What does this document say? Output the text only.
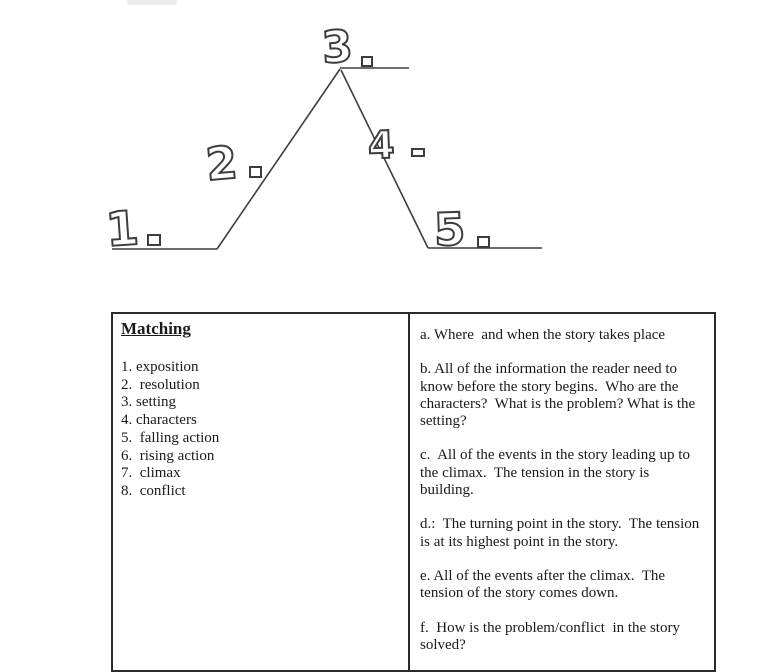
1
2
3
4
5
Matching
1. exposition
2.  resolution
3. setting
4. characters
5.  falling action
6.  rising action
7.  climax
8.  conflict

a. Where  and when the story takes place

b. All of the information the reader need to know before the story begins.  Who are the characters?  What is the problem? What is the setting?

c.  All of the events in the story leading up to the climax.  The tension in the story is building.

d.:  The turning point in the story.  The tension is at its highest point in the story.

e. All of the events after the climax.  The tension of the story comes down.

f.  How is the problem/conflict  in the story solved?
